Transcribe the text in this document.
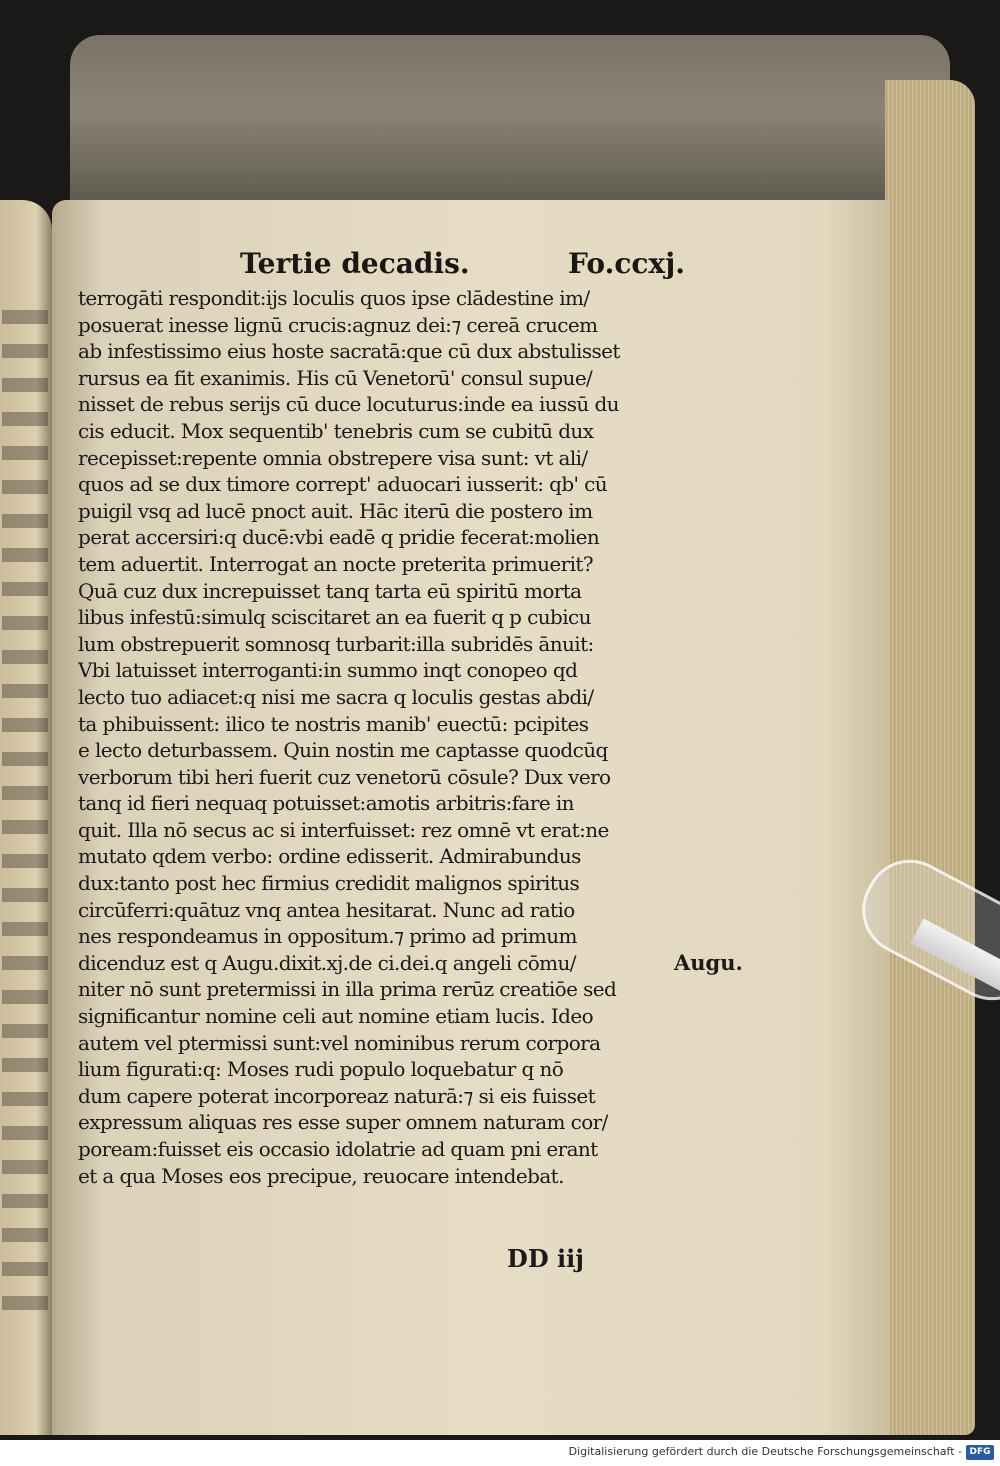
Tertie decadis.	Fo.ccxj.
terrogāti respondit:ijs loculis quos ipse clādestine im/
posuerat inesse lignū crucis:agnuz dei:⁊ cereā crucem
ab infestissimo eius hoste sacratā:que cū dux abstulisset
rursus ea fit exanimis. His cū Venetorū' consul supue/
nisset de rebus serijs cū duce locuturus:inde ea iussū du
cis educit. Mox sequentib' tenebris cum se cubitū dux
recepisset:repente omnia obstrepere visa sunt: vt ali/
quos ad se dux timore corrept' aduocari iusserit: qb' cū
puigil vsq ad lucē pnoct auit. Hāc iterū die postero im
perat accersiri:q ducē:vbi eadē q pridie fecerat:molien
tem aduertit. Interrogat an nocte preterita primuerit?
Quā cuz dux increpuisset tanq tarta eū spiritū morta
libus infestū:simulq sciscitaret an ea fuerit q p cubicu
lum obstrepuerit somnosq turbarit:illa subridēs ānuit:
Vbi latuisset interroganti:in summo inqt conopeo qd
lecto tuo adiacet:q nisi me sacra q loculis gestas abdi/
ta phibuissent: ilico te nostris manib' euectū: pcipites
e lecto deturbassem. Quin nostin me captasse quodcūq
verborum tibi heri fuerit cuz venetorū cōsule? Dux vero
tanq id fieri nequaq potuisset:amotis arbitris:fare in
quit. Illa nō secus ac si interfuisset: rez omnē vt erat:ne
mutato qdem verbo: ordine edisserit. Admirabundus
dux:tanto post hec firmius credidit malignos spiritus
circūferri:quātuz vnq antea hesitarat. Nunc ad ratio
nes respondeamus in oppositum.⁊ primo ad primum
dicenduz est q Augu.dixit.xj.de ci.dei.q angeli cōmu/
niter nō sunt pretermissi in illa prima rerūz creatiōe sed
significantur nomine celi aut nomine etiam lucis. Ideo
autem vel ptermissi sunt:vel nominibus rerum corpora
lium figurati:q: Moses rudi populo loquebatur q nō
dum capere poterat incorporeaz naturā:⁊ si eis fuisset
expressum aliquas res esse super omnem naturam cor/
poream:fuisset eis occasio idolatrie ad quam pni erant
et a qua Moses eos precipue, reuocare intendebat.
Augu.
DD iij
Digitalisierung gefördert durch die Deutsche Forschungsgemeinschaft - DFG
